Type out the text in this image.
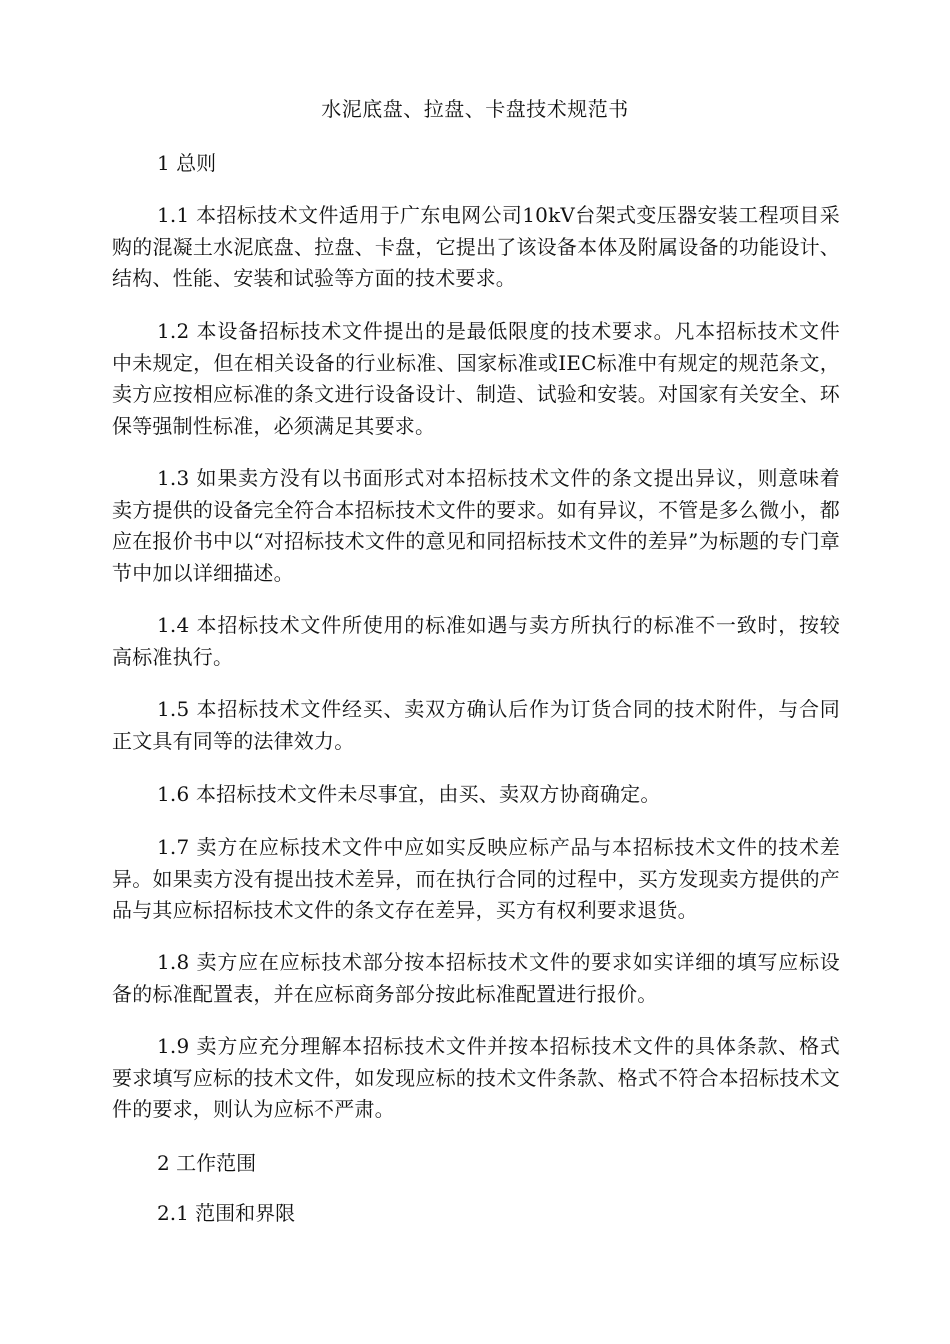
水泥底盘、拉盘、卡盘技术规范书
1 总则
1.1 本招标技术文件适用于广东电网公司10kV台架式变压器安装工程项目采购的混凝土水泥底盘、拉盘、卡盘，它提出了该设备本体及附属设备的功能设计、结构、性能、安装和试验等方面的技术要求。
1.2 本设备招标技术文件提出的是最低限度的技术要求。凡本招标技术文件中未规定，但在相关设备的行业标准、国家标准或IEC标准中有规定的规范条文，卖方应按相应标准的条文进行设备设计、制造、试验和安装。对国家有关安全、环保等强制性标准，必须满足其要求。
1.3 如果卖方没有以书面形式对本招标技术文件的条文提出异议，则意味着卖方提供的设备完全符合本招标技术文件的要求。如有异议，不管是多么微小，都应在报价书中以“对招标技术文件的意见和同招标技术文件的差异”为标题的专门章节中加以详细描述。
1.4 本招标技术文件所使用的标准如遇与卖方所执行的标准不一致时，按较高标准执行。
1.5 本招标技术文件经买、卖双方确认后作为订货合同的技术附件，与合同正文具有同等的法律效力。
1.6 本招标技术文件未尽事宜，由买、卖双方协商确定。
1.7 卖方在应标技术文件中应如实反映应标产品与本招标技术文件的技术差异。如果卖方没有提出技术差异，而在执行合同的过程中，买方发现卖方提供的产品与其应标招标技术文件的条文存在差异，买方有权利要求退货。
1.8 卖方应在应标技术部分按本招标技术文件的要求如实详细的填写应标设备的标准配置表，并在应标商务部分按此标准配置进行报价。
1.9 卖方应充分理解本招标技术文件并按本招标技术文件的具体条款、格式要求填写应标的技术文件，如发现应标的技术文件条款、格式不符合本招标技术文件的要求，则认为应标不严肃。
2 工作范围
2.1 范围和界限
